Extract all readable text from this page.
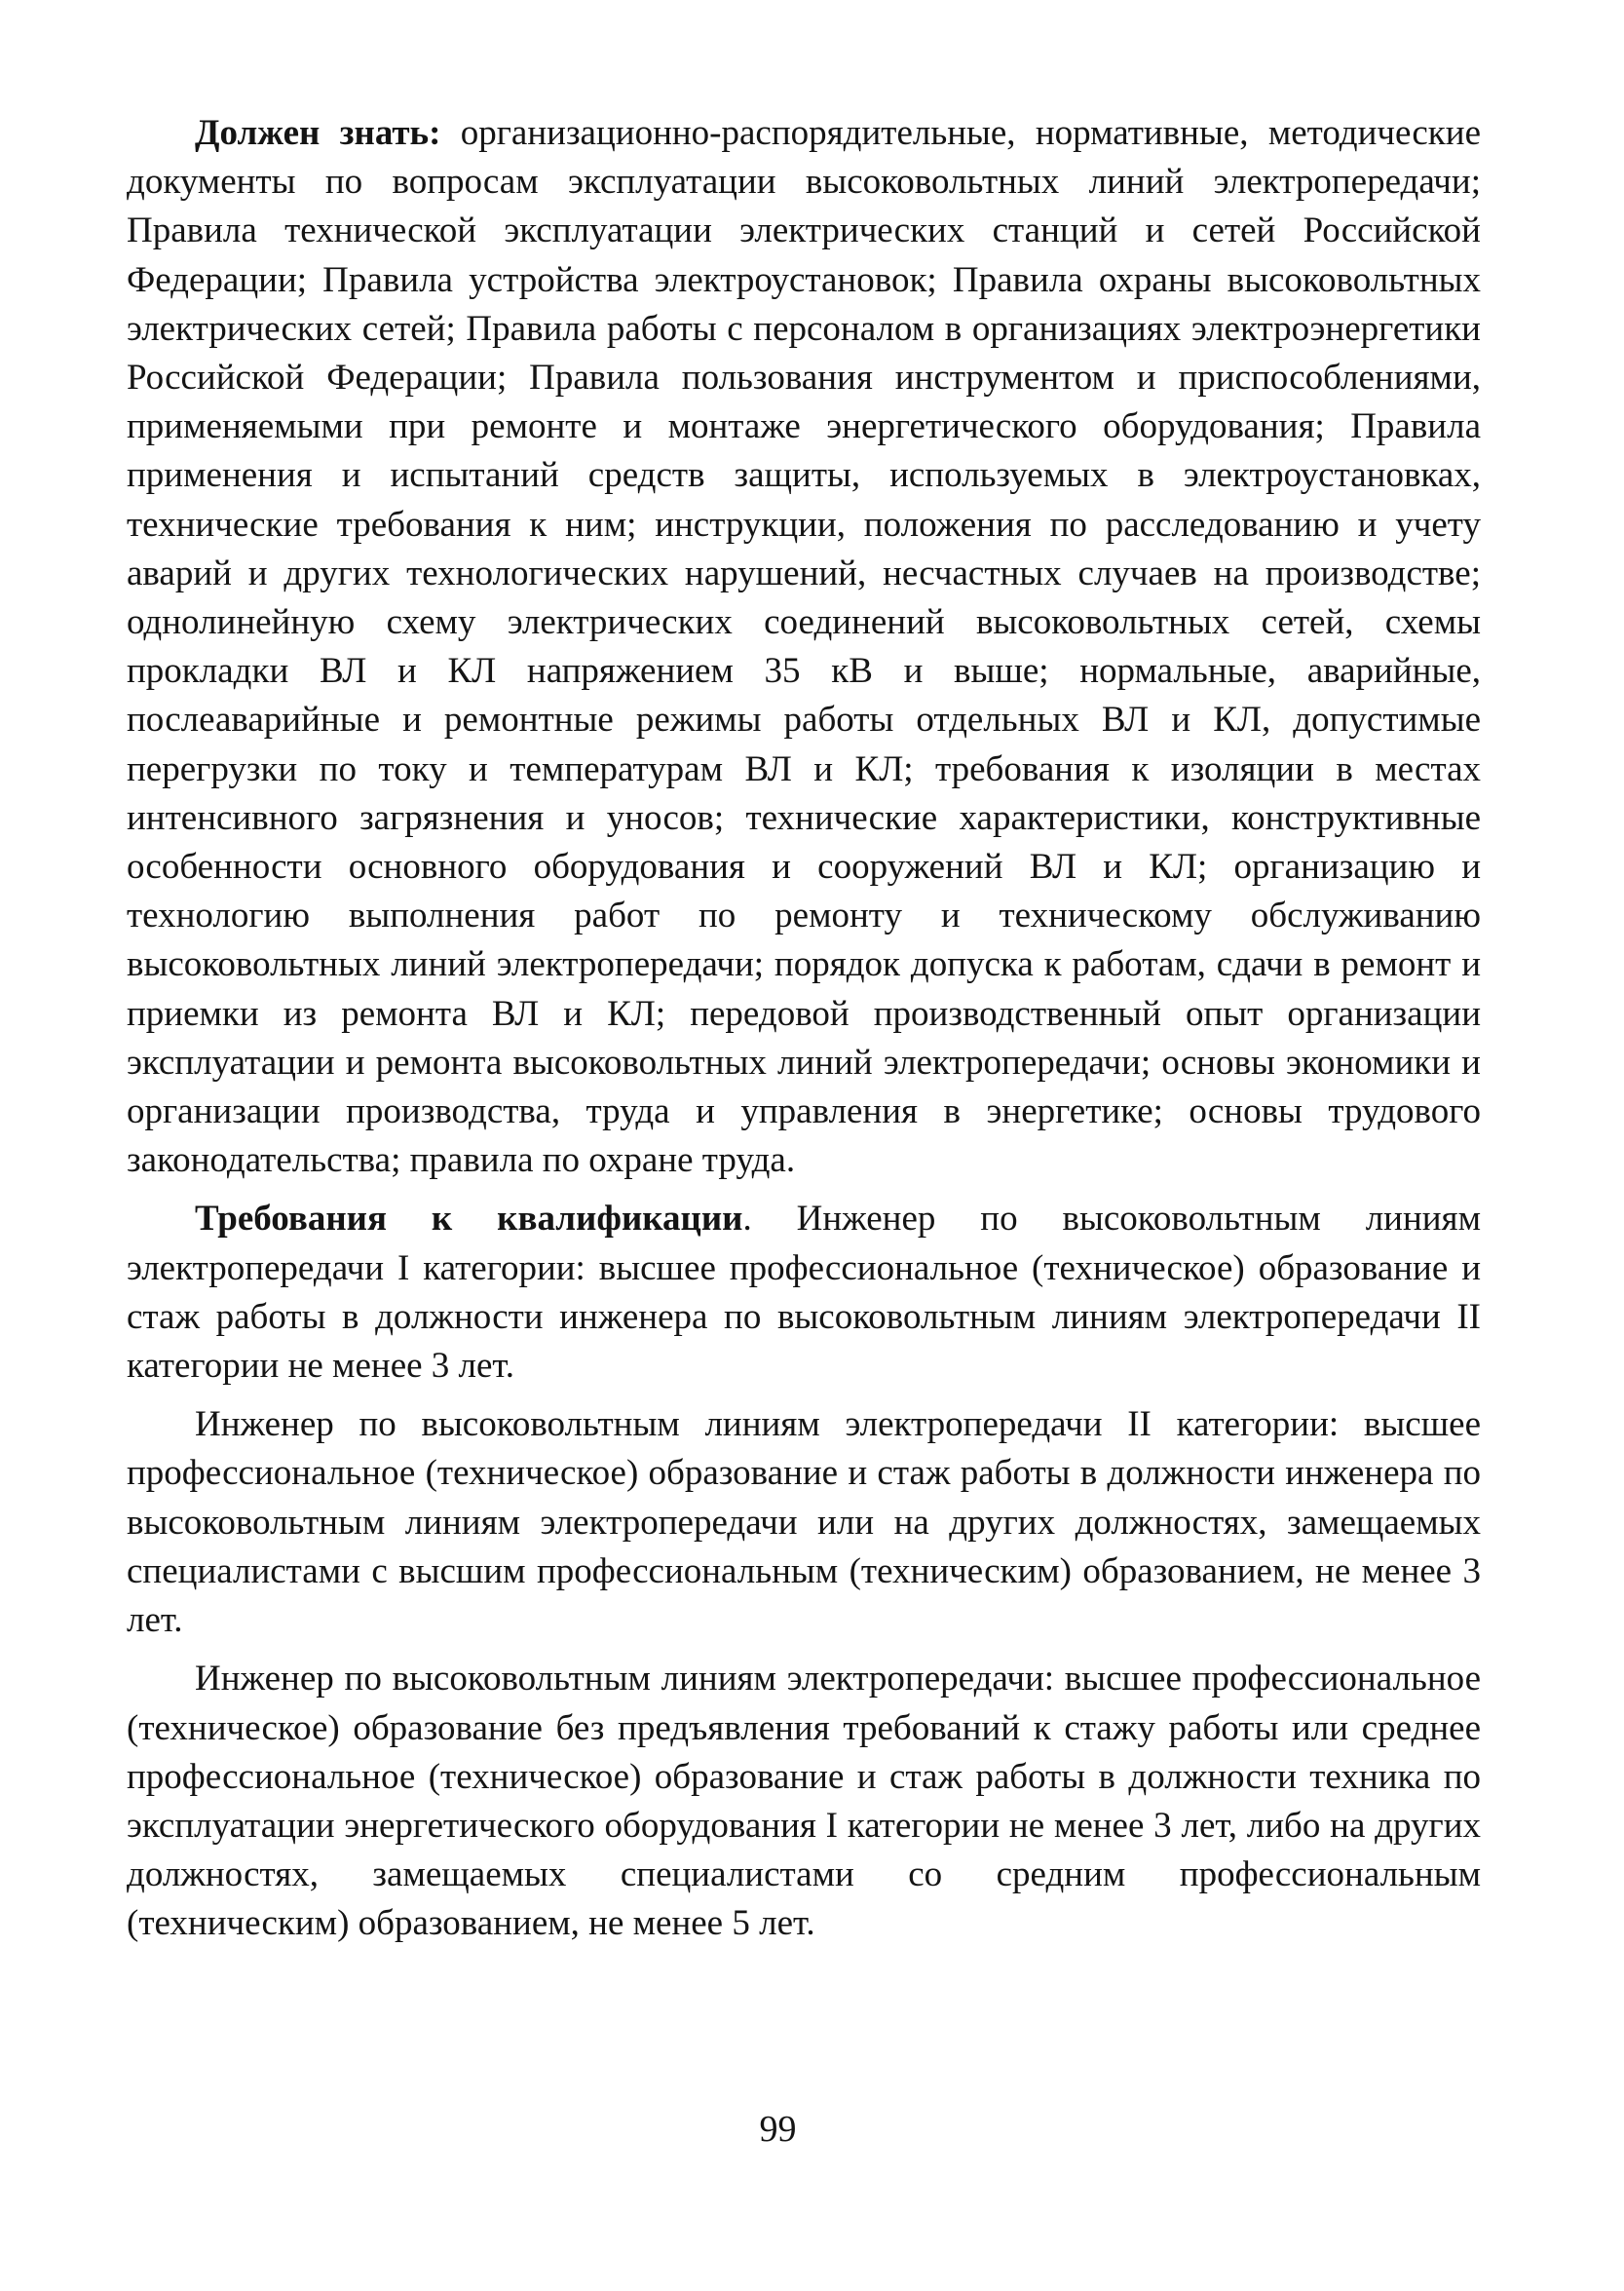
Должен знать: организационно-распорядительные, нормативные, методические документы по вопросам эксплуатации высоковольтных линий электропередачи; Правила технической эксплуатации электрических станций и сетей Российской Федерации; Правила устройства электроустановок; Правила охраны высоковольтных электрических сетей; Правила работы с персоналом в организациях электроэнергетики Российской Федерации; Правила пользования инструментом и приспособлениями, применяемыми при ремонте и монтаже энергетического оборудования; Правила применения и испытаний средств защиты, используемых в электроустановках, технические требования к ним; инструкции, положения по расследованию и учету аварий и других технологических нарушений, несчастных случаев на производстве; однолинейную схему электрических соединений высоковольтных сетей, схемы прокладки ВЛ и КЛ напряжением 35 кВ и выше; нормальные, аварийные, послеаварийные и ремонтные режимы работы отдельных ВЛ и КЛ, допустимые перегрузки по току и температурам ВЛ и КЛ; требования к изоляции в местах интенсивного загрязнения и уносов; технические характеристики, конструктивные особенности основного оборудования и сооружений ВЛ и КЛ; организацию и технологию выполнения работ по ремонту и техническому обслуживанию высоковольтных линий электропередачи; порядок допуска к работам, сдачи в ремонт и приемки из ремонта ВЛ и КЛ; передовой производственный опыт организации эксплуатации и ремонта высоковольтных линий электропередачи; основы экономики и организации производства, труда и управления в энергетике; основы трудового законодательства; правила по охране труда.

Требования к квалификации. Инженер по высоковольтным линиям электропередачи I категории: высшее профессиональное (техническое) образование и стаж работы в должности инженера по высоковольтным линиям электропередачи II категории не менее 3 лет.

Инженер по высоковольтным линиям электропередачи II категории: высшее профессиональное (техническое) образование и стаж работы в должности инженера по высоковольтным линиям электропередачи или на других должностях, замещаемых специалистами с высшим профессиональным (техническим) образованием, не менее 3 лет.

Инженер по высоковольтным линиям электропередачи: высшее профессиональное (техническое) образование без предъявления требований к стажу работы или среднее профессиональное (техническое) образование и стаж работы в должности техника по эксплуатации энергетического оборудования I категории не менее 3 лет, либо на других должностях, замещаемых специалистами со средним профессиональным (техническим) образованием, не менее 5 лет.

99
